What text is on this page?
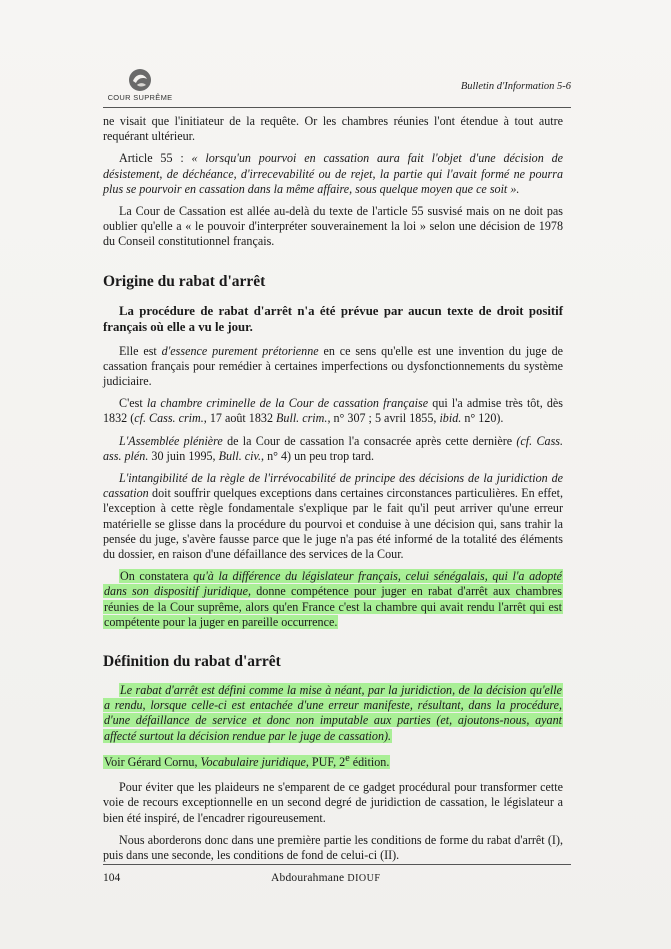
COUR SUPRÊME
Bulletin d'Information 5-6

ne visait que l'initiateur de la requête. Or les chambres réunies l'ont étendue à tout autre requérant ultérieur.

Article 55 : « lorsqu'un pourvoi en cassation aura fait l'objet d'une décision de désistement, de déchéance, d'irrecevabilité ou de rejet, la partie qui l'avait formé ne pourra plus se pourvoir en cassation dans la même affaire, sous quelque moyen que ce soit ».

La Cour de Cassation est allée au-delà du texte de l'article 55 susvisé mais on ne doit pas oublier qu'elle a « le pouvoir d'interpréter souverainement la loi » selon une décision de 1978 du Conseil constitutionnel français.

Origine du rabat d'arrêt

La procédure de rabat d'arrêt n'a été prévue par aucun texte de droit positif français où elle a vu le jour.

Elle est d'essence purement prétorienne en ce sens qu'elle est une invention du juge de cassation français pour remédier à certaines imperfections ou dysfonctionnements du système judiciaire.

C'est la chambre criminelle de la Cour de cassation française qui l'a admise très tôt, dès 1832 (cf. Cass. crim., 17 août 1832 Bull. crim., n° 307 ; 5 avril 1855, ibid. n° 120).

L'Assemblée plénière de la Cour de cassation l'a consacrée après cette dernière (cf. Cass. ass. plén. 30 juin 1995, Bull. civ., n° 4) un peu trop tard.

L'intangibilité de la règle de l'irrévocabilité de principe des décisions de la juridiction de cassation doit souffrir quelques exceptions dans certaines circonstances particulières. En effet, l'exception à cette règle fondamentale s'explique par le fait qu'il peut arriver qu'une erreur matérielle se glisse dans la procédure du pourvoi et conduise à une décision qui, sans trahir la pensée du juge, s'avère fausse parce que le juge n'a pas été informé de la totalité des éléments du dossier, en raison d'une défaillance des services de la Cour.

On constatera qu'à la différence du législateur français, celui sénégalais, qui l'a adopté dans son dispositif juridique, donne compétence pour juger en rabat d'arrêt aux chambres réunies de la Cour suprême, alors qu'en France c'est la chambre qui avait rendu l'arrêt qui est compétente pour la juger en pareille occurrence.

Définition du rabat d'arrêt

Le rabat d'arrêt est défini comme la mise à néant, par la juridiction, de la décision qu'elle a rendu, lorsque celle-ci est entachée d'une erreur manifeste, résultant, dans la procédure, d'une défaillance de service et donc non imputable aux parties (et, ajoutons-nous, ayant affecté surtout la décision rendue par le juge de cassation).

Voir Gérard Cornu, Vocabulaire juridique, PUF, 2e édition.

Pour éviter que les plaideurs ne s'emparent de ce gadget procédural pour transformer cette voie de recours exceptionnelle en un second degré de juridiction de cassation, le législateur a bien été inspiré, de l'encadrer rigoureusement.

Nous aborderons donc dans une première partie les conditions de forme du rabat d'arrêt (I), puis dans une seconde, les conditions de fond de celui-ci (II).

104	Abdourahmane DIOUF
